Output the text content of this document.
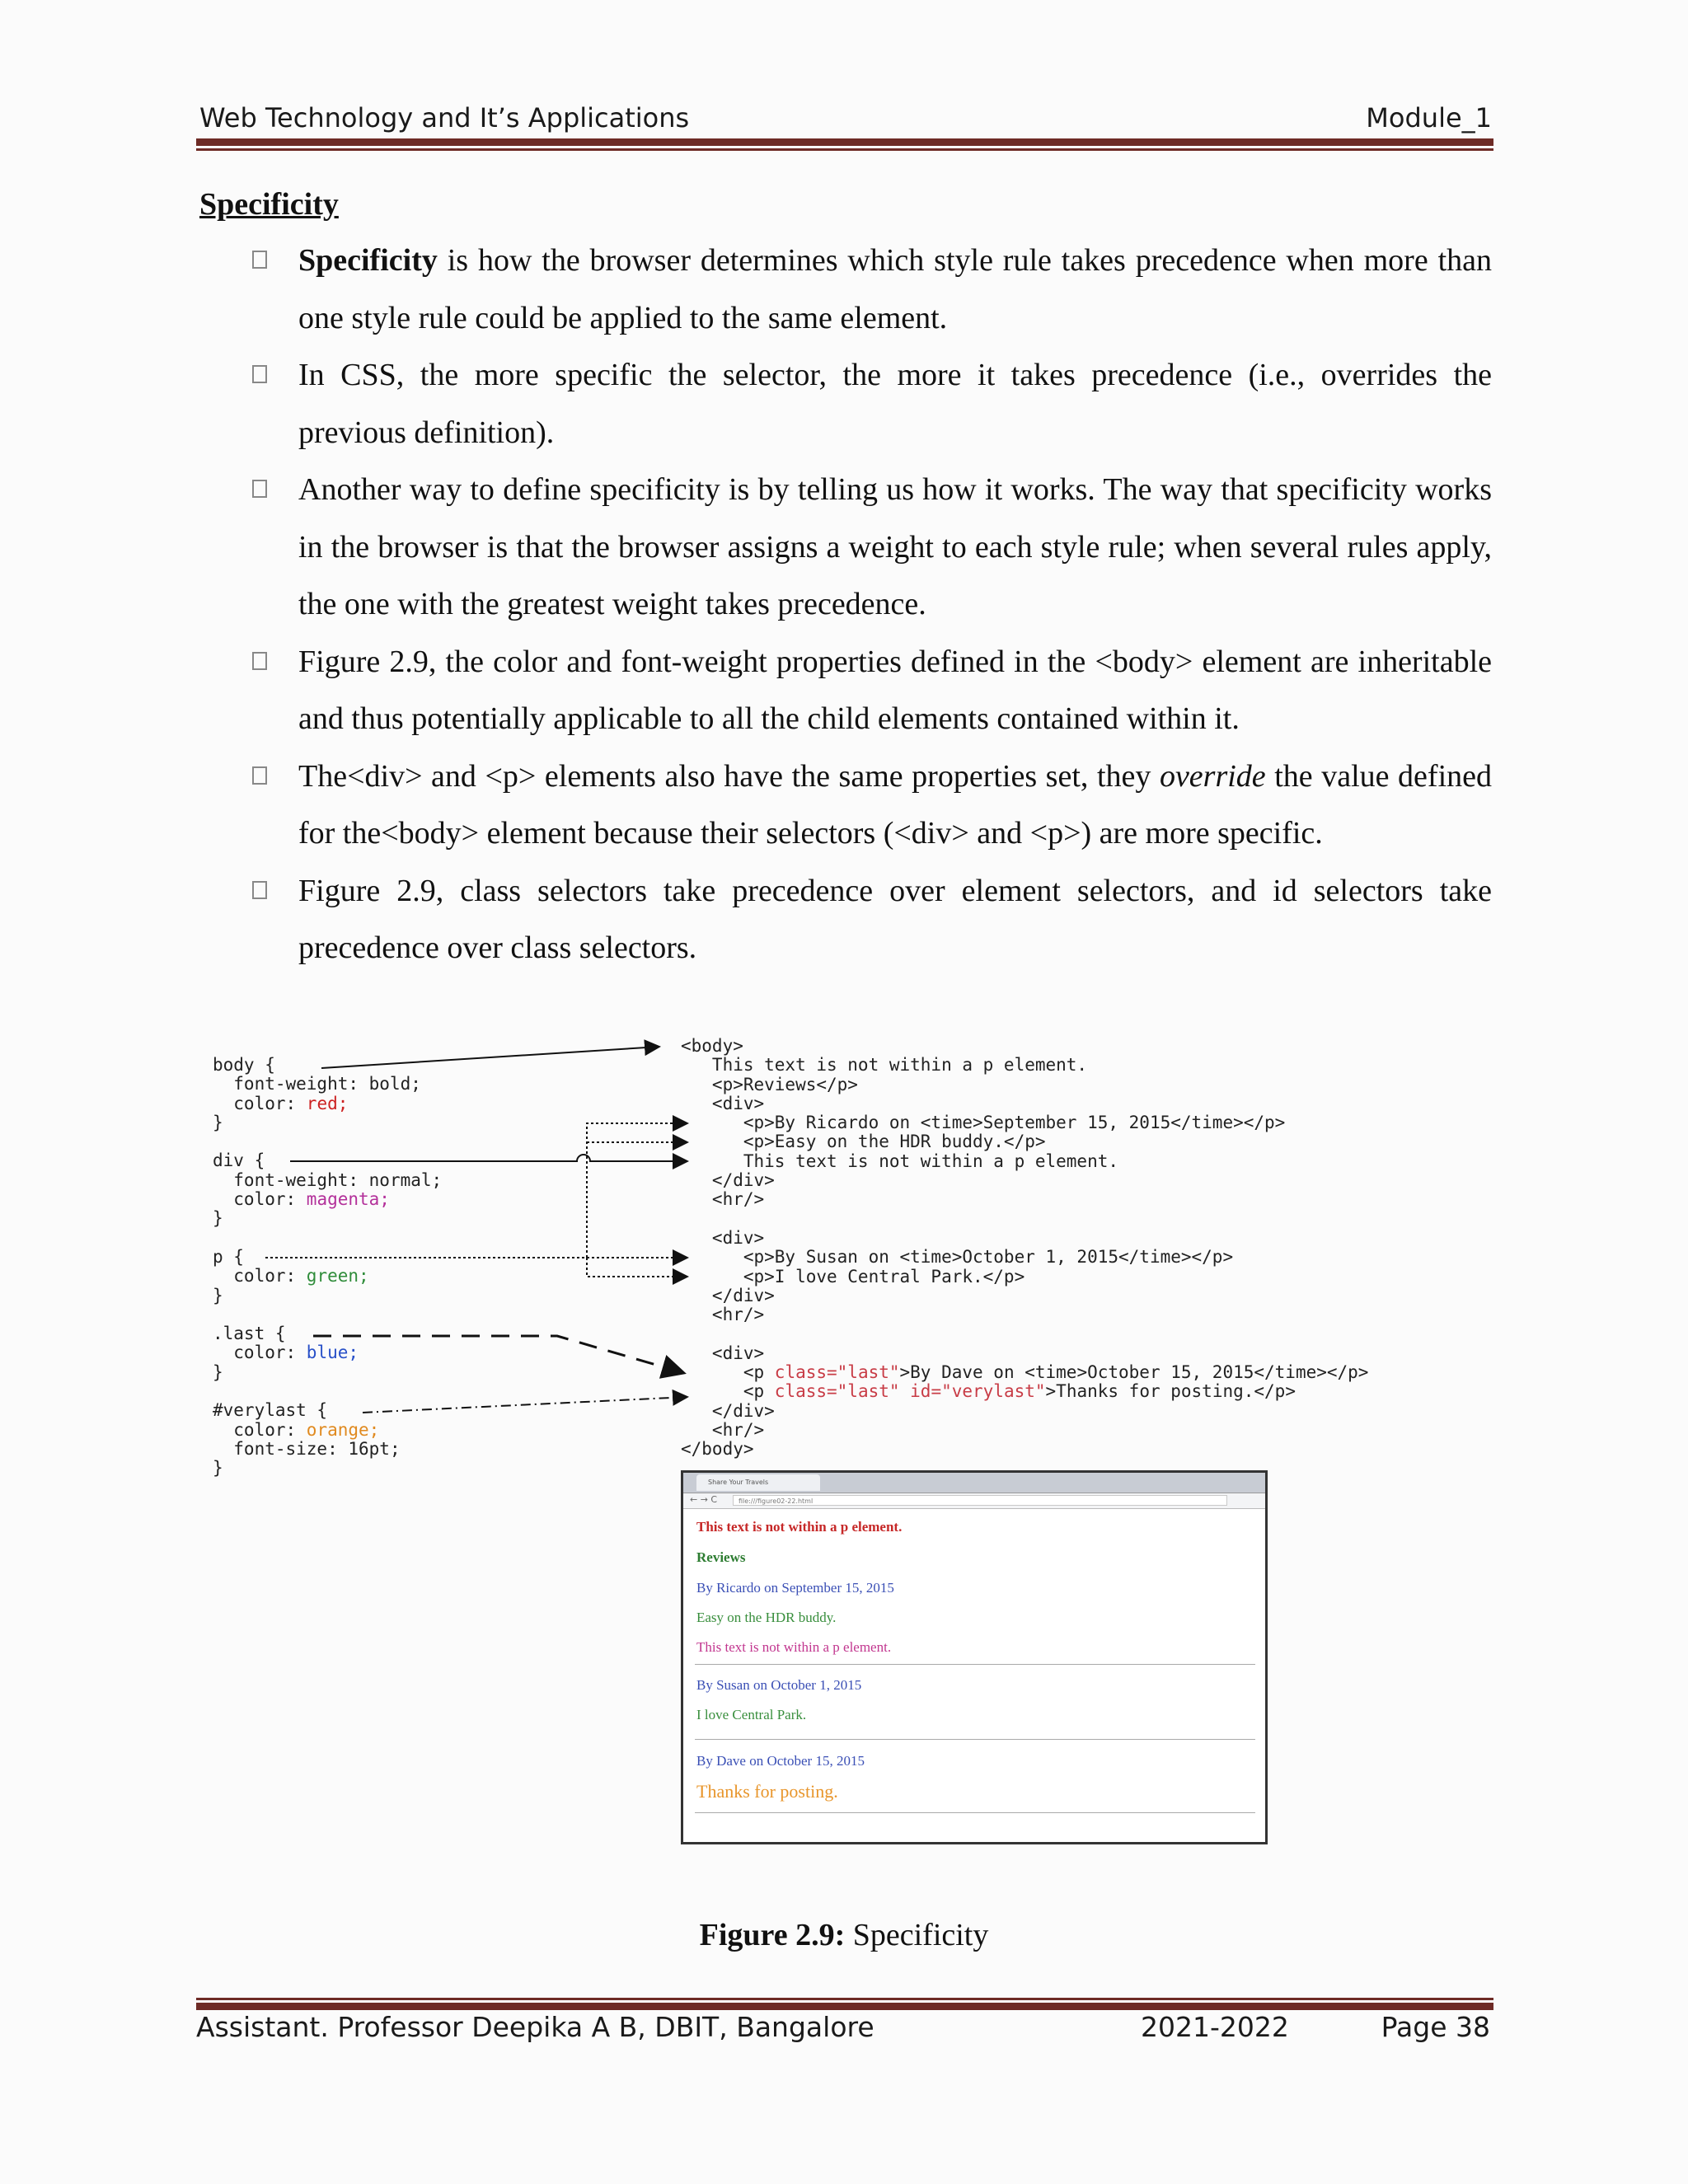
Web Technology and It’s Applications	Module_1
Specificity
Specificity is how the browser determines which style rule takes precedence when more than one style rule could be applied to the same element.
In CSS, the more specific the selector, the more it takes precedence (i.e., overrides the previous definition).
Another way to define specificity is by telling us how it works. The way that specificity works in the browser is that the browser assigns a weight to each style rule; when several rules apply, the one with the greatest weight takes precedence.
Figure 2.9, the color and font-weight properties defined in the <body> element are inheritable and thus potentially applicable to all the child elements contained within it.
The<div> and <p> elements also have the same properties set, they override the value defined for the<body> element because their selectors (<div> and <p>) are more specific.
Figure 2.9, class selectors take precedence over element selectors, and id selectors take precedence over class selectors.
body {
font-weight: bold;
color: red;
}

div {
font-weight: normal;
color: magenta;
}

p {
color: green;
}

.last {
color: blue;
}

#verylast {
color: orange;
font-size: 16pt;
}
<body>
This text is not within a p element.
<p>Reviews</p>
<div>
<p>By Ricardo on <time>September 15, 2015</time></p>
<p>Easy on the HDR buddy.</p>
This text is not within a p element.
</div>
<hr/>

<div>
<p>By Susan on <time>October 1, 2015</time></p>
<p>I love Central Park.</p>
</div>
<hr/>

<div>
<p class="last">By Dave on <time>October 15, 2015</time></p>
<p class="last" id="verylast">Thanks for posting.</p>
</div>
<hr/>
</body>
Share Your Travels
← → C	file:///figure02-22.html
This text is not within a p element.
Reviews
By Ricardo on September 15, 2015
Easy on the HDR buddy.
This text is not within a p element.
By Susan on October 1, 2015
I love Central Park.
By Dave on October 15, 2015
Thanks for posting.
Figure 2.9: Specificity
Assistant. Professor Deepika A B, DBIT, Bangalore	2021-2022	Page 38
